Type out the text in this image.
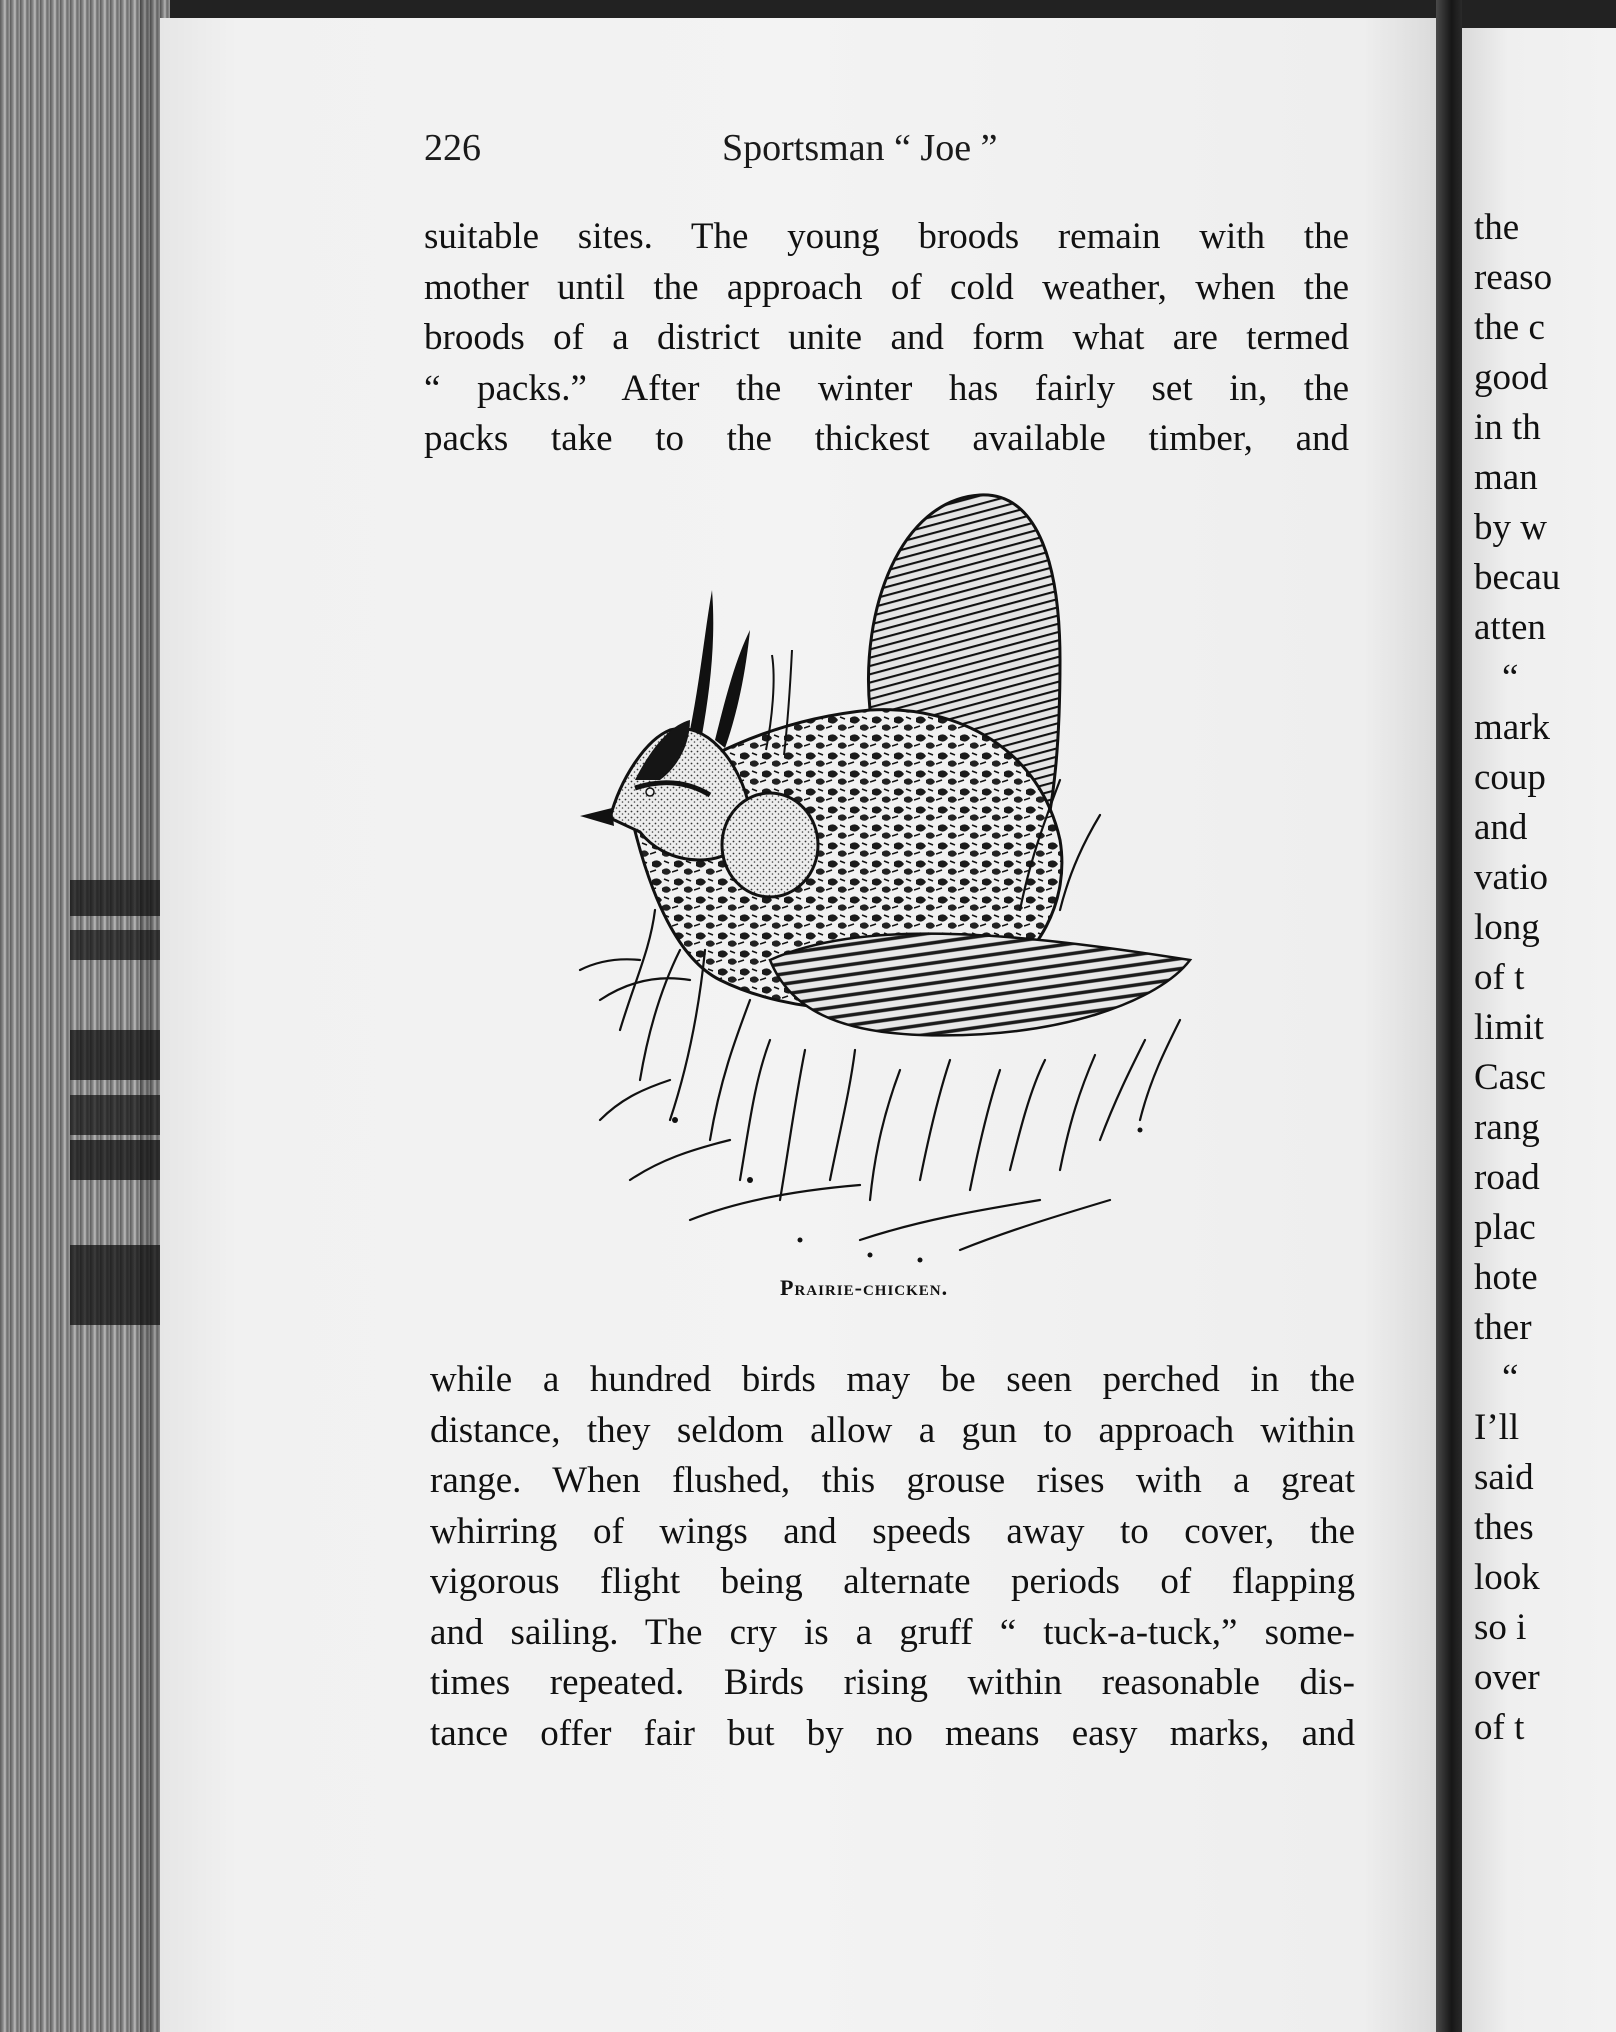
226	Sportsman “ Joe ”
suitable sites. The young broods remain with the
mother until the approach of cold weather, when the
broods of a district unite and form what are termed
“ packs.” After the winter has fairly set in, the
packs take to the thickest available timber, and
Prairie-chicken.
while a hundred birds may be seen perched in the
distance, they seldom allow a gun to approach within
range. When flushed, this grouse rises with a great
whirring of wings and speeds away to cover, the
vigorous flight being alternate periods of flapping
and sailing. The cry is a gruff “ tuck-a-tuck,” some-
times repeated. Birds rising within reasonable dis-
tance offer fair but by no means easy marks, and
the
reaso
the c
good
in th
man
by w
becau
atten
“
mark
coup
and
vatio
long
of t
limit
Casc
rang
road
plac
hote
ther
“
I’ll
said
thes
look
so i
over
of t
